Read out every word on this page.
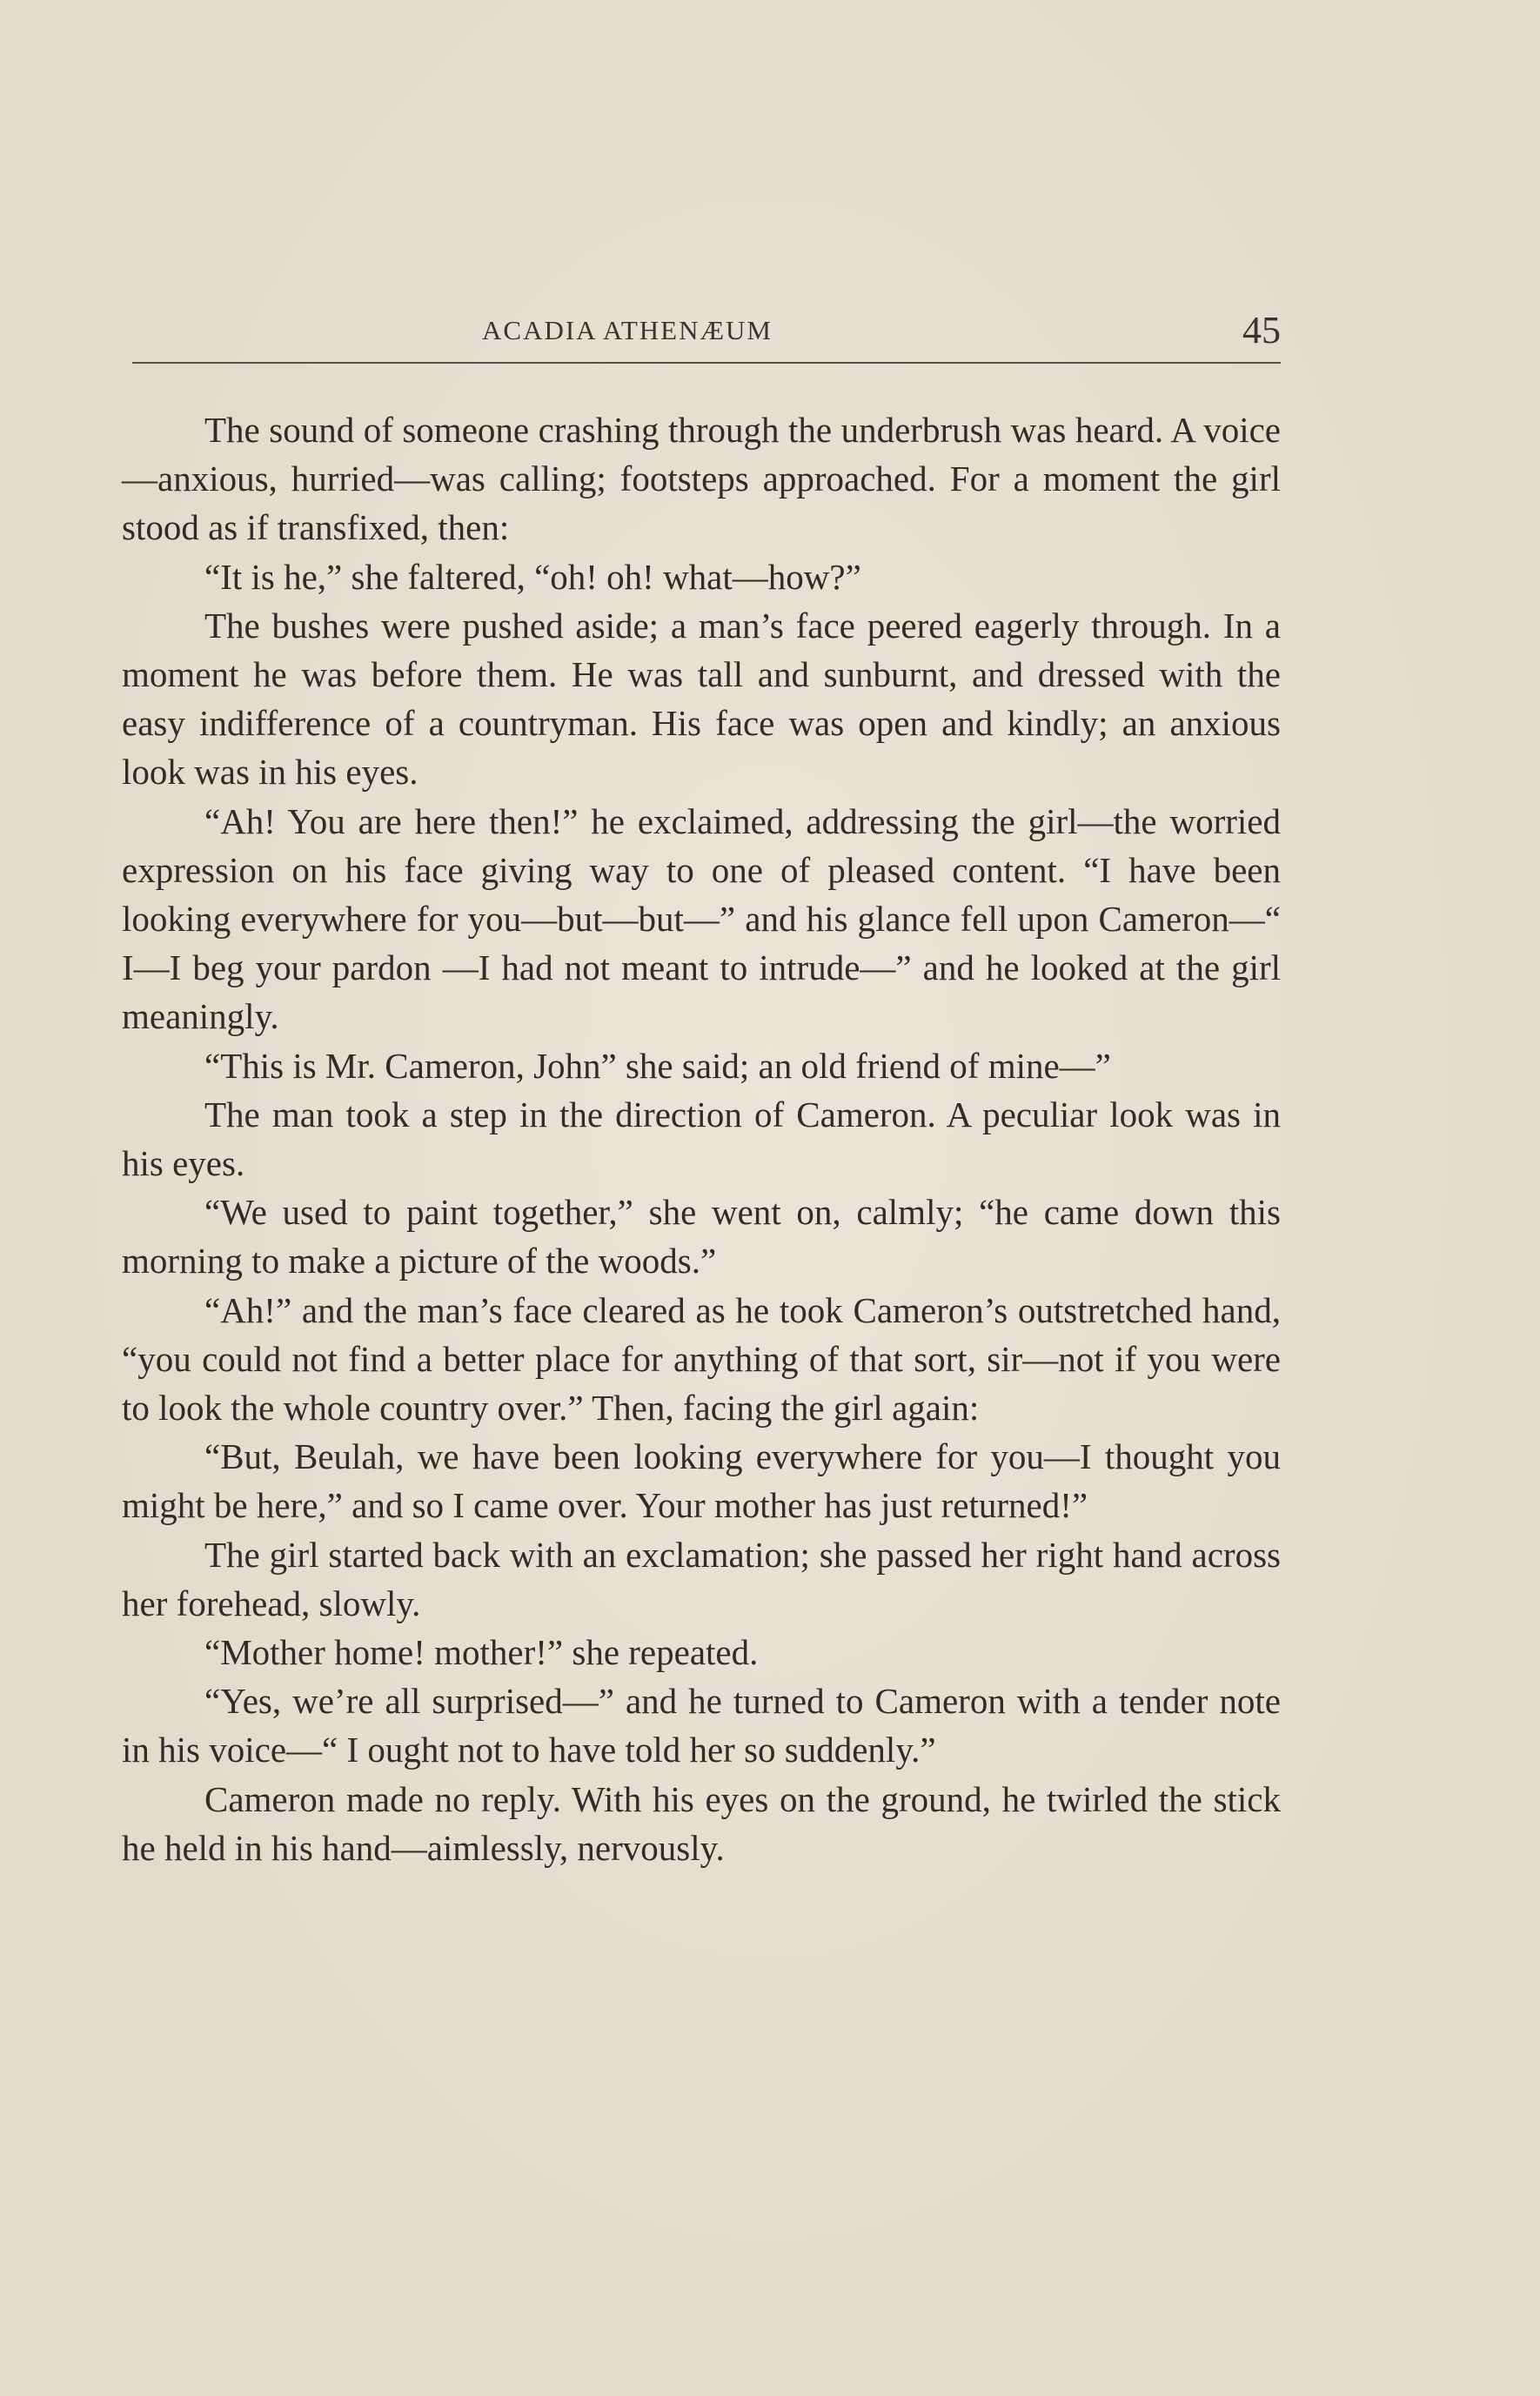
ACADIA ATHENÆUM	45

The sound of someone crashing through the underbrush was heard. A voice—anxious, hurried—was calling; footsteps approached. For a moment the girl stood as if transfixed, then:

“It is he,” she faltered, “oh! oh! what—how?”

The bushes were pushed aside; a man’s face peered eagerly through. In a moment he was before them. He was tall and sunburnt, and dressed with the easy indifference of a countryman. His face was open and kindly; an anxious look was in his eyes.

“Ah! You are here then!” he exclaimed, addressing the girl—the worried expression on his face giving way to one of pleased content. “I have been looking everywhere for you—but—but—” and his glance fell upon Cameron—“ I—I beg your pardon —I had not meant to intrude—” and he looked at the girl meaningly.

“This is Mr. Cameron, John” she said; an old friend of mine—”

The man took a step in the direction of Cameron. A peculiar look was in his eyes.

“We used to paint together,” she went on, calmly; “he came down this morning to make a picture of the woods.”

“Ah!” and the man’s face cleared as he took Cameron’s outstretched hand, “you could not find a better place for anything of that sort, sir—not if you were to look the whole country over.” Then, facing the girl again:

“But, Beulah, we have been looking everywhere for you—I thought you might be here,” and so I came over. Your mother has just returned!”

The girl started back with an exclamation; she passed her right hand across her forehead, slowly.

“Mother home! mother!” she repeated.

“Yes, we’re all surprised—” and he turned to Cameron with a tender note in his voice—“ I ought not to have told her so suddenly.”

Cameron made no reply. With his eyes on the ground, he twirled the stick he held in his hand—aimlessly, nervously.
